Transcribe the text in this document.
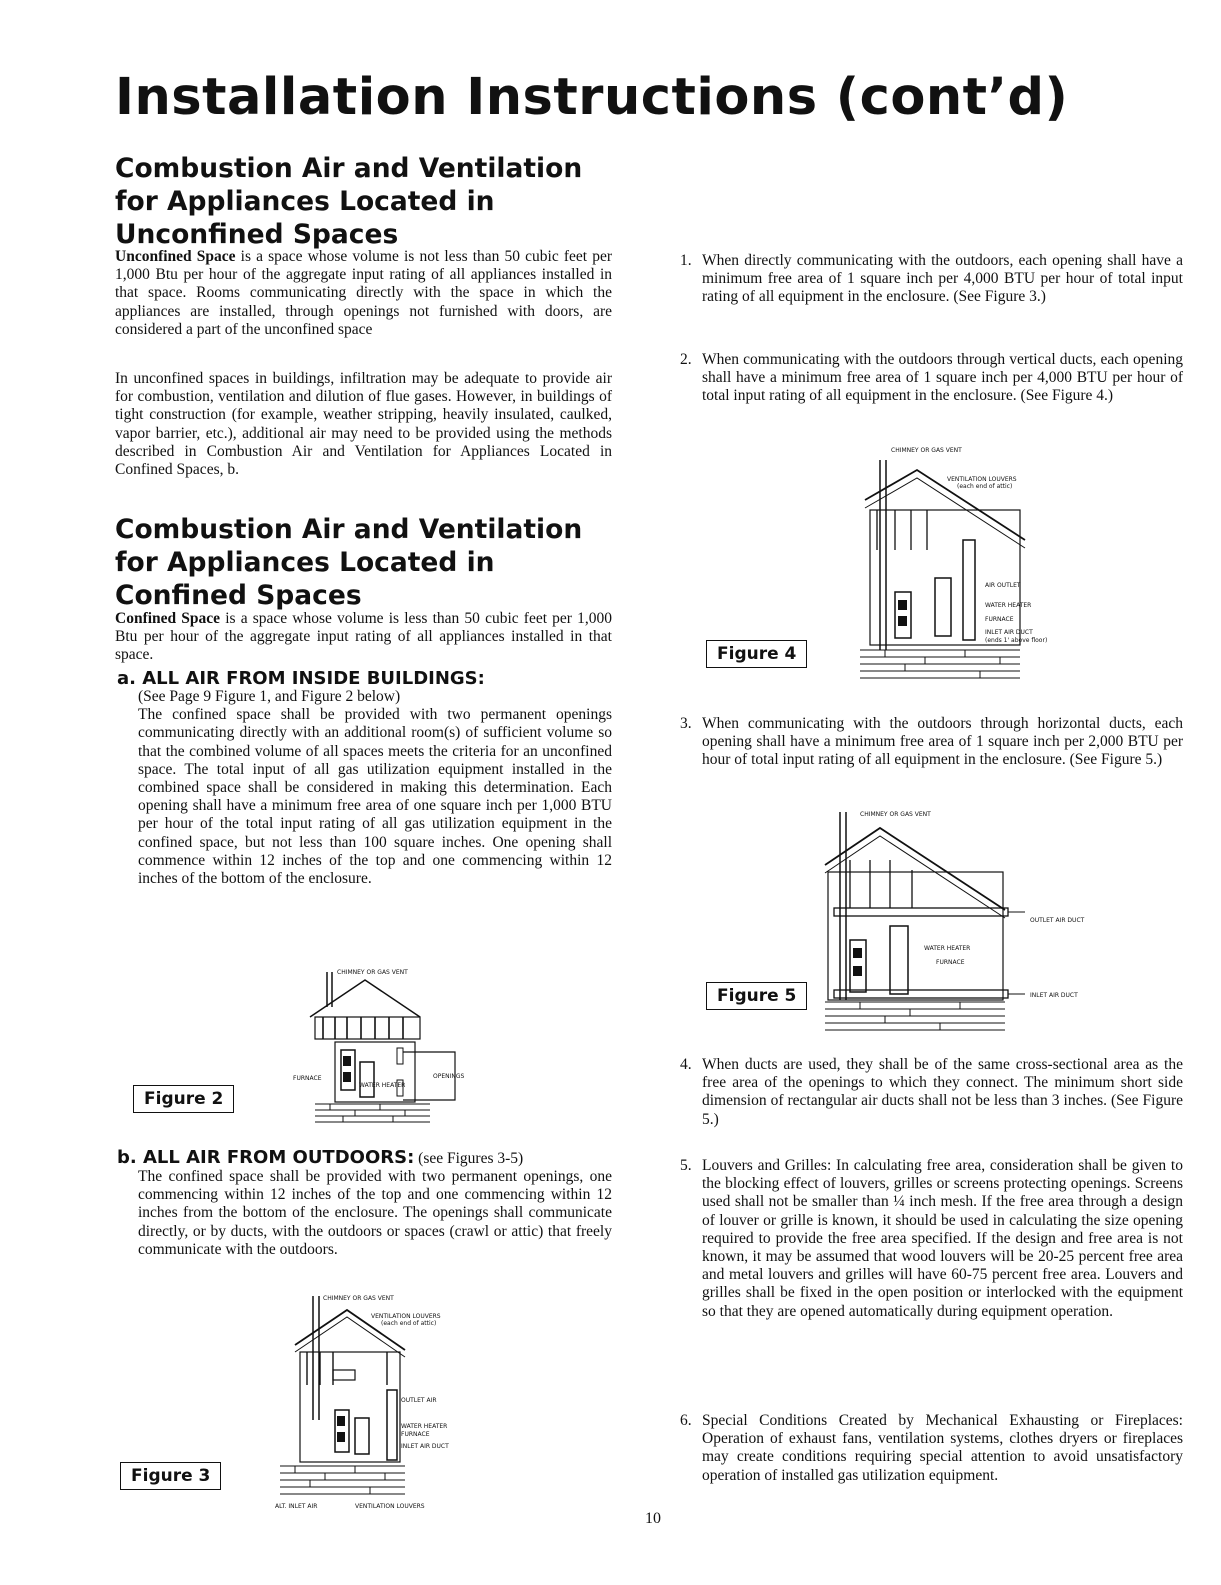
Installation Instructions (cont’d)
Combustion Air and Ventilation
for Appliances Located in
Unconfined Spaces

Unconfined Space is a space whose volume is not less than 50 cubic feet per 1,000 Btu per hour of the aggregate input rating of all appliances installed in that space. Rooms communicating directly with the space in which the appliances are installed, through openings not furnished with doors, are considered a part of the unconfined space

In unconfined spaces in buildings, infiltration may be adequate to provide air for combustion, ventilation and dilution of flue gases. However, in buildings of tight construction (for example, weather stripping, heavily insulated, caulked, vapor barrier, etc.), additional air may need to be provided using the methods described in Combustion Air and Ventilation for Appliances Located in Confined Spaces, b.

Combustion Air and Ventilation
for Appliances Located in
Confined Spaces

Confined Space is a space whose volume is less than 50 cubic feet per 1,000 Btu per hour of the aggregate input rating of all appliances installed in that space.

a. ALL AIR FROM INSIDE BUILDINGS:

(See Page 9 Figure 1, and Figure 2 below)
The confined space shall be provided with two permanent openings communicating directly with an additional room(s) of sufficient volume so that the combined volume of all spaces meets the criteria for an unconfined space. The total input of all gas utilization equipment installed in the combined space shall be considered in making this determination. Each opening shall have a minimum free area of one square inch per 1,000 BTU per hour of the total input rating of all gas utilization equipment in the confined space, but not less than 100 square inches. One opening shall commence within 12 inches of the top and one commencing within 12 inches of the bottom of the enclosure.

Figure 2
CHIMNEY OR GAS VENT
FURNACE
WATER HEATER
OPENINGS
b. ALL AIR FROM OUTDOORS: (see Figures 3-5)

The confined space shall be provided with two permanent openings, one commencing within 12 inches of the top and one commencing within 12 inches from the bottom of the enclosure. The openings shall communicate directly, or by ducts, with the outdoors or spaces (crawl or attic) that freely communicate with the outdoors.

Figure 3
CHIMNEY OR GAS VENT
VENTILATION LOUVERS
(each end of attic)
OUTLET AIR
WATER HEATER
FURNACE
INLET AIR DUCT
ALT. INLET AIR	VENTILATION LOUVERS
1. When directly communicating with the outdoors, each opening shall have a minimum free area of 1 square inch per 4,000 BTU per hour of total input rating of all equipment in the enclosure. (See Figure 3.)
2. When communicating with the outdoors through vertical ducts, each opening shall have a minimum free area of 1 square inch per 4,000 BTU per hour of total input rating of all equipment in the enclosure. (See Figure 4.)
Figure 4
CHIMNEY OR GAS VENT
VENTILATION LOUVERS
(each end of attic)
AIR OUTLET
WATER HEATER
FURNACE
INLET AIR DUCT
(ends 1' above floor)
3. When communicating with the outdoors through horizontal ducts, each opening shall have a minimum free area of 1 square inch per 2,000 BTU per hour of total input rating of all equipment in the enclosure. (See Figure 5.)
Figure 5
CHIMNEY OR GAS VENT
OUTLET AIR DUCT
WATER HEATER
FURNACE
INLET AIR DUCT
4. When ducts are used, they shall be of the same cross-sectional area as the free area of the openings to which they connect. The minimum short side dimension of rectangular air ducts shall not be less than 3 inches. (See Figure 5.)
5. Louvers and Grilles: In calculating free area, consideration shall be given to the blocking effect of louvers, grilles or screens protecting openings. Screens used shall not be smaller than ¼ inch mesh. If the free area through a design of louver or grille is known, it should be used in calculating the size opening required to provide the free area specified. If the design and free area is not known, it may be assumed that wood louvers will be 20-25 percent free area and metal louvers and grilles will have 60-75 percent free area. Louvers and grilles shall be fixed in the open position or interlocked with the equipment so that they are opened automatically during equipment operation.
6. Special Conditions Created by Mechanical Exhausting or Fireplaces: Operation of exhaust fans, ventilation systems, clothes dryers or fireplaces may create conditions requiring special attention to avoid unsatisfactory operation of installed gas utilization equipment.
10
